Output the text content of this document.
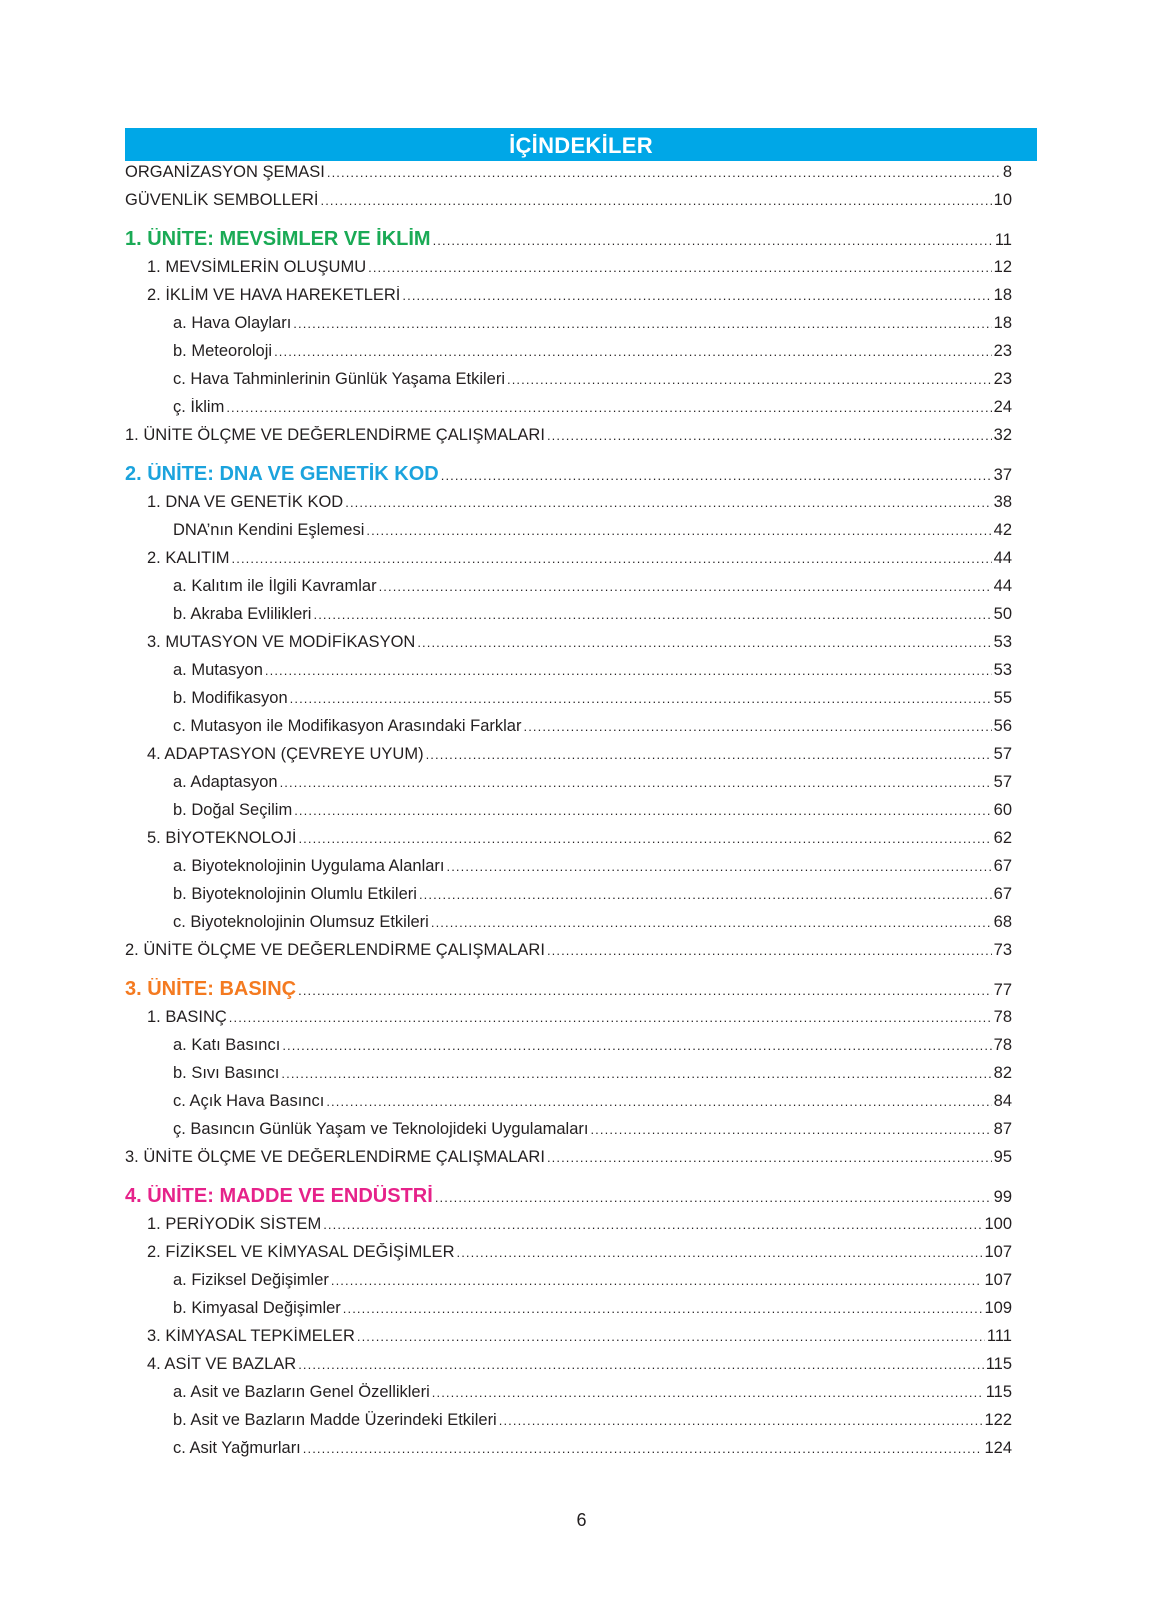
İÇİNDEKİLER
ORGANİZASYON ŞEMASI .....	8
GÜVENLİK SEMBOLLERİ .....	10
1. ÜNİTE: MEVSİMLER VE İKLİM .....	11
1. MEVSİMLERİN OLUŞUMU .....	12
2. İKLİM VE HAVA HAREKETLERİ .....	18
a. Hava Olayları .....	18
b. Meteoroloji .....	23
c. Hava Tahminlerinin Günlük Yaşama Etkileri .....	23
ç. İklim .....	24
1. ÜNİTE ÖLÇME VE DEĞERLENDİRME ÇALIŞMALARI .....	32
2. ÜNİTE: DNA VE GENETİK KOD .....	37
1. DNA VE GENETİK KOD .....	38
DNA’nın Kendini Eşlemesi .....	42
2. KALITIM .....	44
a. Kalıtım ile İlgili Kavramlar .....	44
b. Akraba Evlilikleri .....	50
3. MUTASYON VE MODİFİKASYON .....	53
a. Mutasyon .....	53
b. Modifikasyon .....	55
c. Mutasyon ile Modifikasyon Arasındaki Farklar .....	56
4. ADAPTASYON (ÇEVREYE UYUM) .....	57
a. Adaptasyon .....	57
b. Doğal Seçilim .....	60
5. BİYOTEKNOLOJİ .....	62
a. Biyoteknolojinin Uygulama Alanları .....	67
b. Biyoteknolojinin Olumlu Etkileri .....	67
c. Biyoteknolojinin Olumsuz Etkileri .....	68
2. ÜNİTE ÖLÇME VE DEĞERLENDİRME ÇALIŞMALARI .....	73
3. ÜNİTE: BASINÇ .....	77
1. BASINÇ .....	78
a. Katı Basıncı .....	78
b. Sıvı Basıncı .....	82
c. Açık Hava Basıncı .....	84
ç. Basıncın Günlük Yaşam ve Teknolojideki Uygulamaları .....	87
3. ÜNİTE ÖLÇME VE DEĞERLENDİRME ÇALIŞMALARI .....	95
4. ÜNİTE: MADDE VE ENDÜSTRİ .....	99
1. PERİYODİK SİSTEM .....	100
2. FİZİKSEL VE KİMYASAL DEĞİŞİMLER .....	107
a. Fiziksel Değişimler .....	107
b. Kimyasal Değişimler .....	109
3. KİMYASAL TEPKİMELER .....	111
4. ASİT VE BAZLAR .....	115
a. Asit ve Bazların Genel Özellikleri .....	115
b. Asit ve Bazların Madde Üzerindeki Etkileri .....	122
c. Asit Yağmurları .....	124
6
